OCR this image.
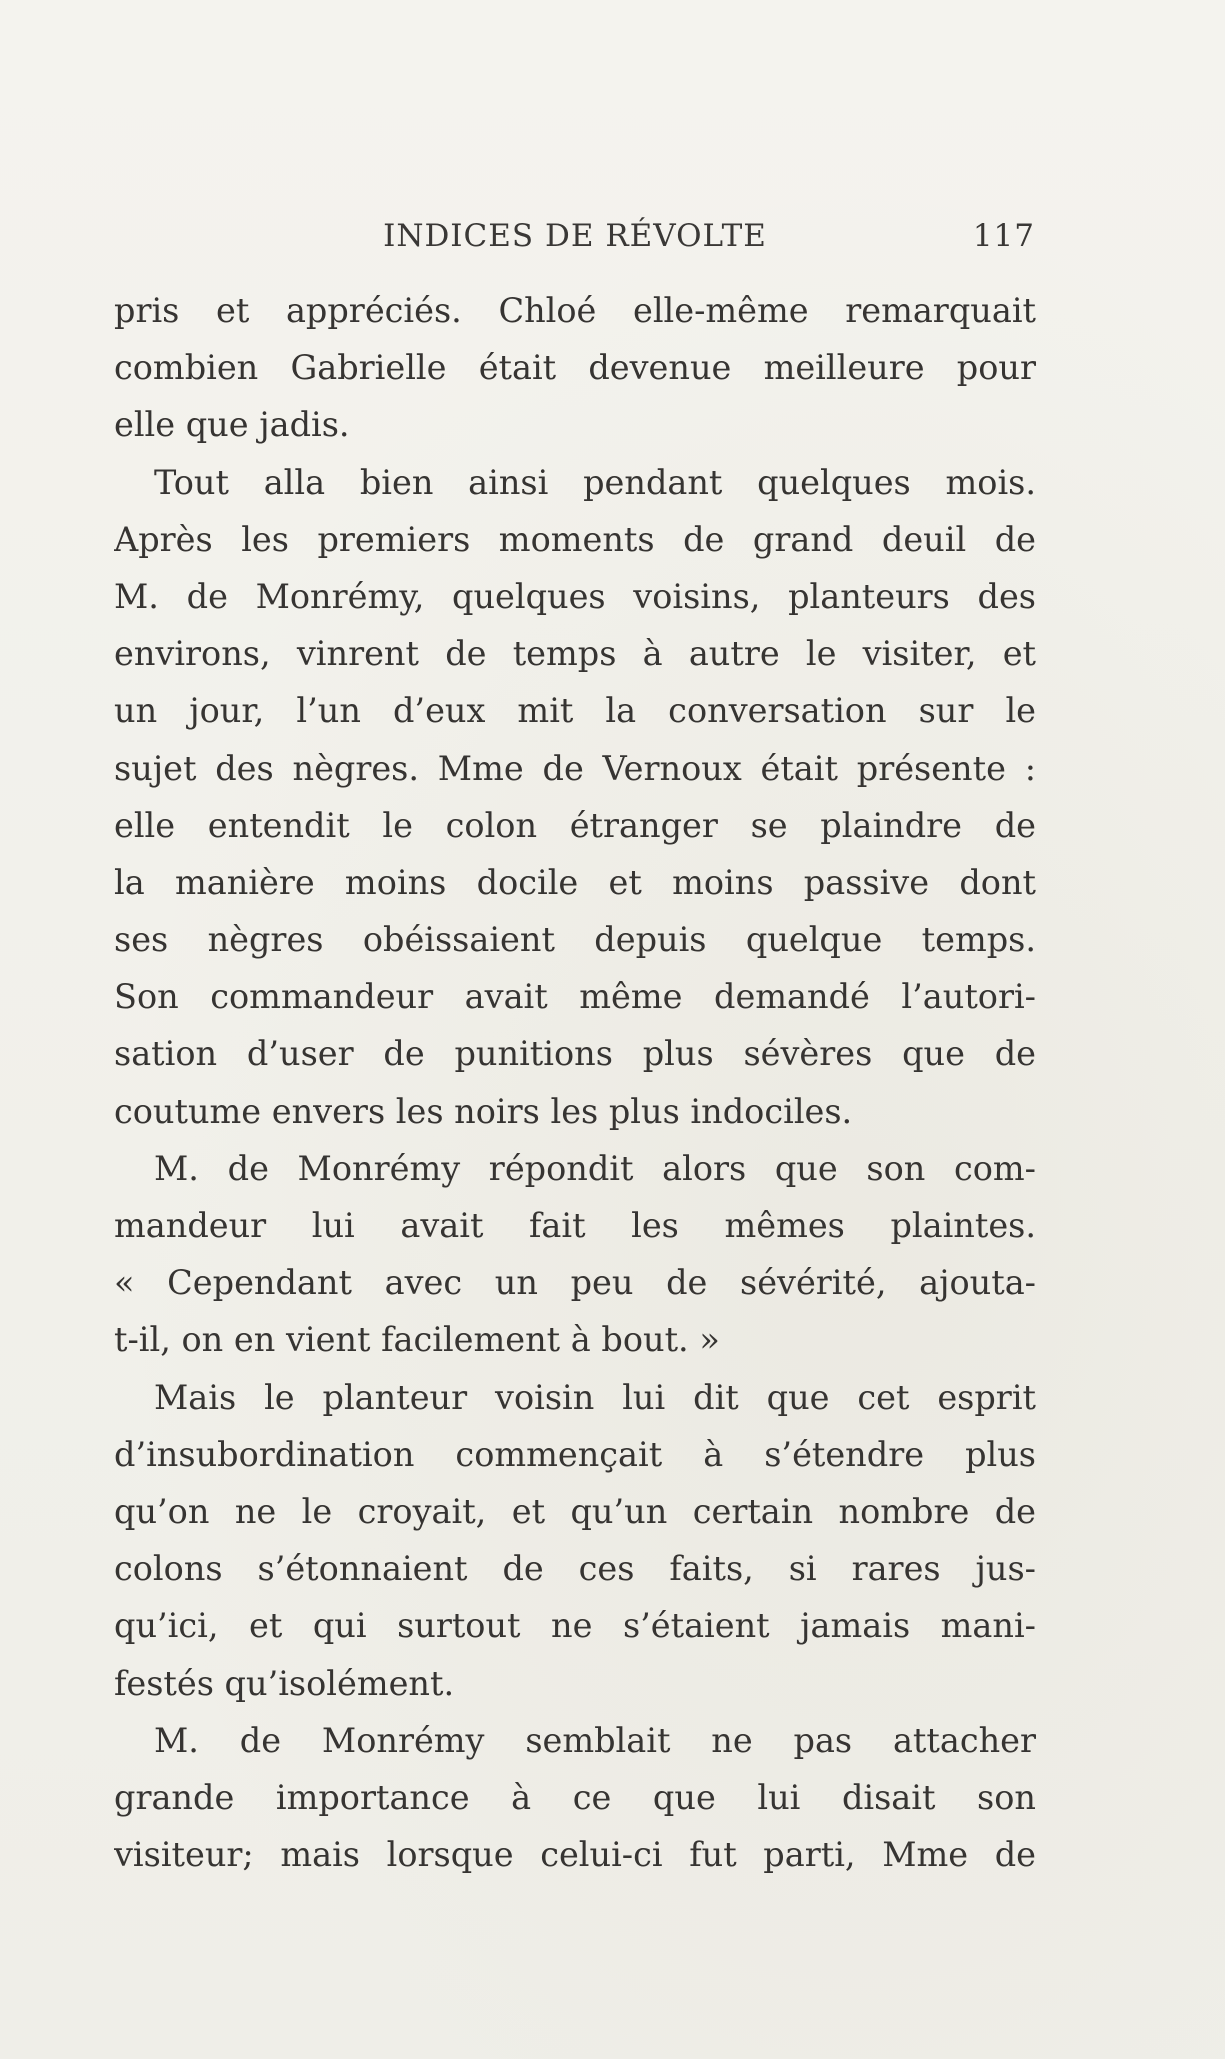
INDICES DE RÉVOLTE	117
pris et appréciés. Chloé elle-même remarquait
combien Gabrielle était devenue meilleure pour
elle que jadis.
Tout alla bien ainsi pendant quelques mois.
Après les premiers moments de grand deuil de
M. de Monrémy, quelques voisins, planteurs des
environs, vinrent de temps à autre le visiter, et
un jour, l’un d’eux mit la conversation sur le
sujet des nègres. Mme de Vernoux était présente :
elle entendit le colon étranger se plaindre de
la manière moins docile et moins passive dont
ses nègres obéissaient depuis quelque temps.
Son commandeur avait même demandé l’autori-
sation d’user de punitions plus sévères que de
coutume envers les noirs les plus indociles.
M. de Monrémy répondit alors que son com-
mandeur lui avait fait les mêmes plaintes.
« Cependant avec un peu de sévérité, ajouta-
t-il, on en vient facilement à bout. »
Mais le planteur voisin lui dit que cet esprit
d’insubordination commençait à s’étendre plus
qu’on ne le croyait, et qu’un certain nombre de
colons s’étonnaient de ces faits, si rares jus-
qu’ici, et qui surtout ne s’étaient jamais mani-
festés qu’isolément.
M. de Monrémy semblait ne pas attacher
grande importance à ce que lui disait son
visiteur; mais lorsque celui-ci fut parti, Mme de
